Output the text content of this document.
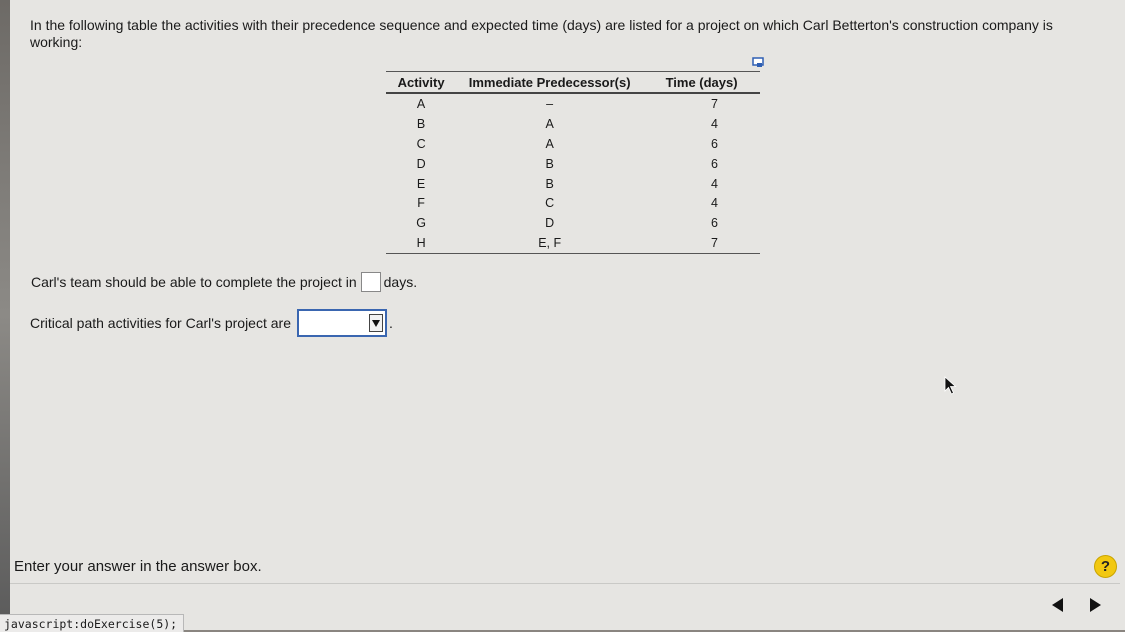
In the following table the activities with their precedence sequence and expected time (days) are listed for a project on which Carl Betterton's construction company is working:
Activity	Immediate Predecessor(s)	Time (days)
A	–	7
B	A	4
C	A	6
D	B	6
E	B	4
F	C	4
G	D	6
H	E, F	7
Carl's team should be able to complete the project in days.
Critical path activities for Carl's project are	.
Enter your answer in the answer box.	?
javascript:doExercise(5);
